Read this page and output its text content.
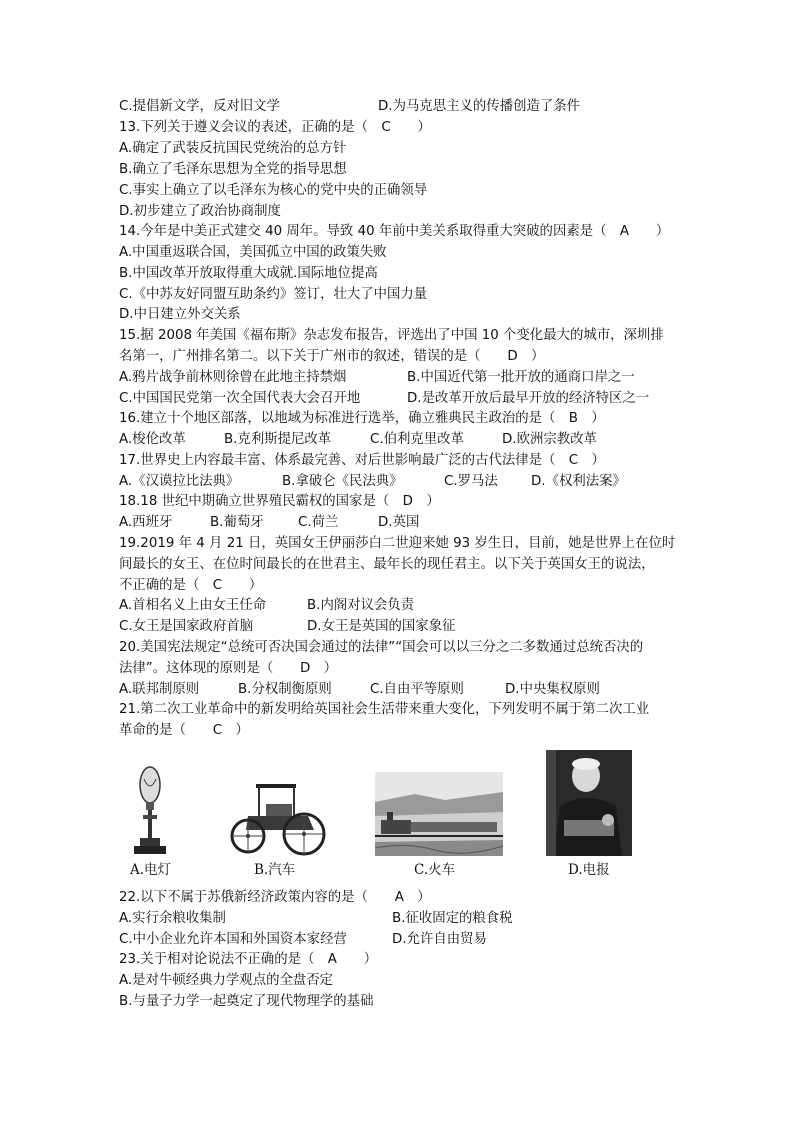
C.提倡新文学，反对旧文学	D.为马克思主义的传播创造了条件
13.下列关于遵义会议的表述，正确的是（　C　　）
A.确定了武装反抗国民党统治的总方针
B.确立了毛泽东思想为全党的指导思想
C.事实上确立了以毛泽东为核心的党中央的正确领导
D.初步建立了政治协商制度
14.今年是中美正式建交 40 周年。导致 40 年前中美关系取得重大突破的因素是（　A　　）
A.中国重返联合国，美国孤立中国的政策失败
B.中国改革开放取得重大成就.国际地位提高
C.《中苏友好同盟互助条约》签订，壮大了中国力量
D.中日建立外交关系
15.据 2008 年美国《福布斯》杂志发布报告，评选出了中国 10 个变化最大的城市，深圳排
名第一，广州排名第二。以下关于广州市的叙述，错误的是（　　D　）
A.鸦片战争前林则徐曾在此地主持禁烟	B.中国近代第一批开放的通商口岸之一
C.中国国民党第一次全国代表大会召开地	D.是改革开放后最早开放的经济特区之一
16.建立十个地区部落，以地域为标准进行选举，确立雅典民主政治的是（　B　）
A.梭伦改革	B.克利斯提尼改革	C.伯利克里改革	D.欧洲宗教改革
17.世界史上内容最丰富、体系最完善、对后世影响最广泛的古代法律是（　C　）
A.《汉谟拉比法典》	B.拿破仑《民法典》	C.罗马法 D.《权利法案》
18.18 世纪中期确立世界殖民霸权的国家是（　D　）
A.西班牙	B.葡萄牙	C.荷兰	D.英国
19.2019 年 4 月 21 日，英国女王伊丽莎白二世迎来她 93 岁生日，目前，她是世界上在位时
间最长的女王、在位时间最长的在世君主、最年长的现任君主。以下关于英国女王的说法，
不正确的是（　C　　）
A.首相名义上由女王任命	B.内阁对议会负责
C.女王是国家政府首脑	D.女王是英国的国家象征
20.美国宪法规定“总统可否决国会通过的法律”“国会可以以三分之二多数通过总统否决的
法律”。这体现的原则是（　　D　）
A.联邦制原则	B.分权制衡原则	C.自由平等原则	D.中央集权原则
21.第二次工业革命中的新发明给英国社会生活带来重大变化，下列发明不属于第二次工业
革命的是（　　C　）
A.电灯	B.汽车	C.火车	D.电报
22.以下不属于苏俄新经济政策内容的是（　　A　）
A.实行余粮收集制	B.征收固定的粮食税
C.中小企业允许本国和外国资本家经营	D.允许自由贸易
23.关于相对论说法不正确的是（　A　　）
A.是对牛顿经典力学观点的全盘否定
B.与量子力学一起奠定了现代物理学的基础
